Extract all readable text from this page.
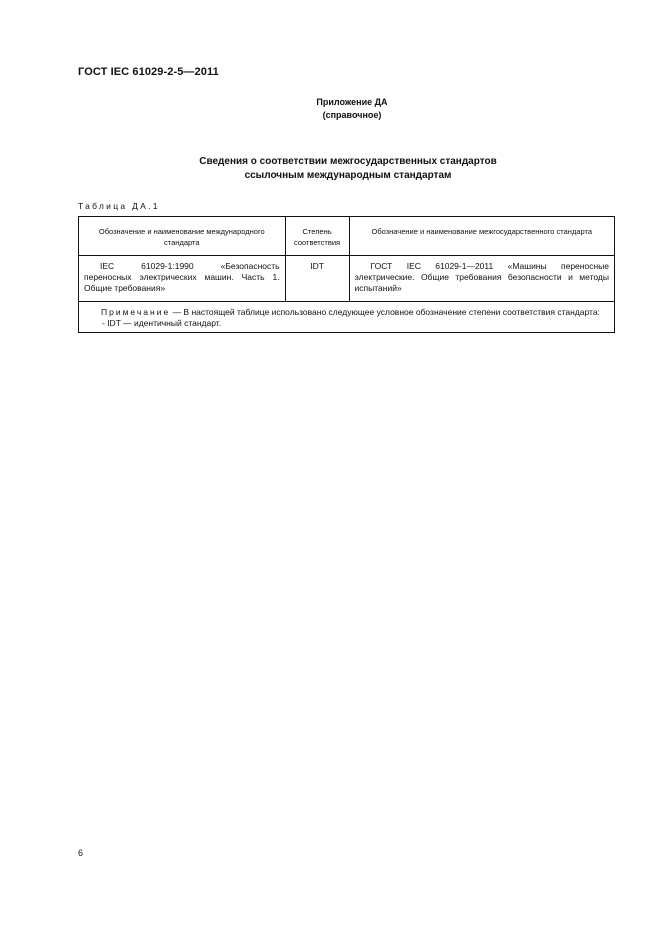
ГОСТ IEC 61029-2-5—2011
Приложение ДА
(справочное)
Сведения о соответствии межгосударственных стандартов
ссылочным международным стандартам
Таблица ДА.1
Обозначение и наименование международного стандарта	Степень соответствия	Обозначение и наименование межгосударственного стандарта

IEC 61029-1:1990 «Безопасность переносных электрических машин. Часть 1. Общие требования»	IDT	ГОСТ IEC 61029-1—2011 «Машины переносные электрические. Общие требования безопасности и методы испытаний»

Примечание — В настоящей таблице использовано следующее условное обозначение степени соответствия стандарта:
- IDT — идентичный стандарт.		
6
